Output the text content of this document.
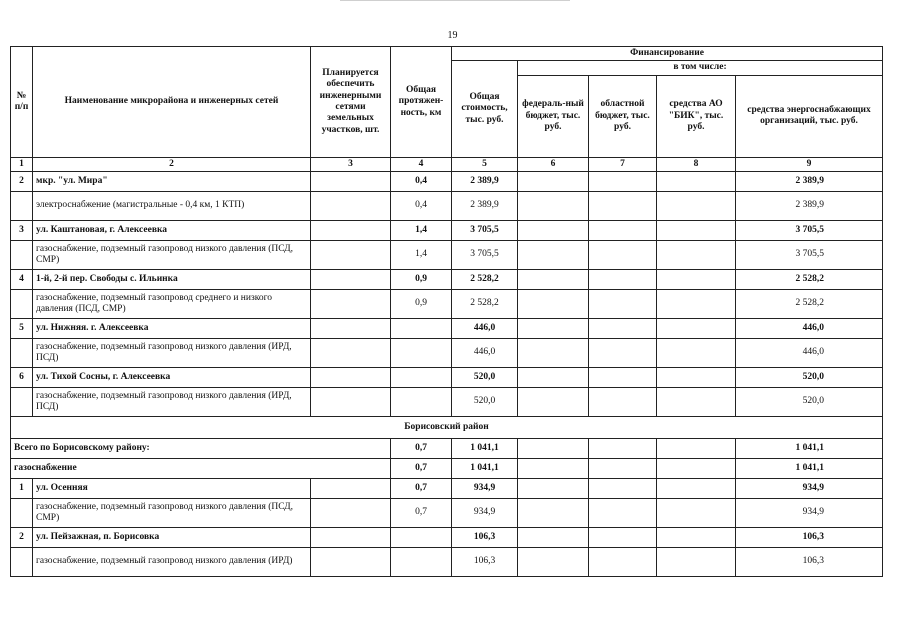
19
№ п/п	Наименование микрорайона и инженерных сетей	Планируется обеспечить инженерными сетями земельных участков, шт.	Общая протяжен-ность, км	Финансирование				
				Общая стоимость, тыс. руб.	в том числе:			
					федераль-ный бюджет, тыс. руб.	областной бюджет, тыс. руб.	средства АО "БИК", тыс. руб.	средства энергоснабжающих организаций, тыс. руб.
1	2	3	4	5	6	7	8	9
2	мкр. "ул. Мира"		0,4	2 389,9				2 389,9
	электроснабжение (магистральные - 0,4 км, 1 КТП)		0,4	2 389,9				2 389,9
3	ул. Каштановая, г. Алексеевка		1,4	3 705,5				3 705,5
	газоснабжение, подземный газопровод низкого давления (ПСД, СМР)		1,4	3 705,5				3 705,5
4	1-й, 2-й пер. Свободы с. Ильинка		0,9	2 528,2				2 528,2
	газоснабжение, подземный газопровод среднего и низкого давления (ПСД, СМР)		0,9	2 528,2				2 528,2
5	ул. Нижняя. г. Алексеевка			446,0				446,0
	газоснабжение, подземный газопровод низкого давления (ИРД, ПСД)			446,0				446,0
6	ул. Тихой Сосны, г. Алексеевка			520,0				520,0
	газоснабжение, подземный газопровод низкого давления (ИРД, ПСД)			520,0				520,0
Борисовский район								
Всего по Борисовскому району:			0,7	1 041,1				1 041,1
газоснабжение			0,7	1 041,1				1 041,1
1	ул. Осенняя		0,7	934,9				934,9
	газоснабжение, подземный газопровод низкого давления (ПСД, СМР)		0,7	934,9				934,9
2	ул. Пейзажная, п. Борисовка			106,3				106,3
	газоснабжение, подземный газопровод низкого давления (ИРД)			106,3				106,3
